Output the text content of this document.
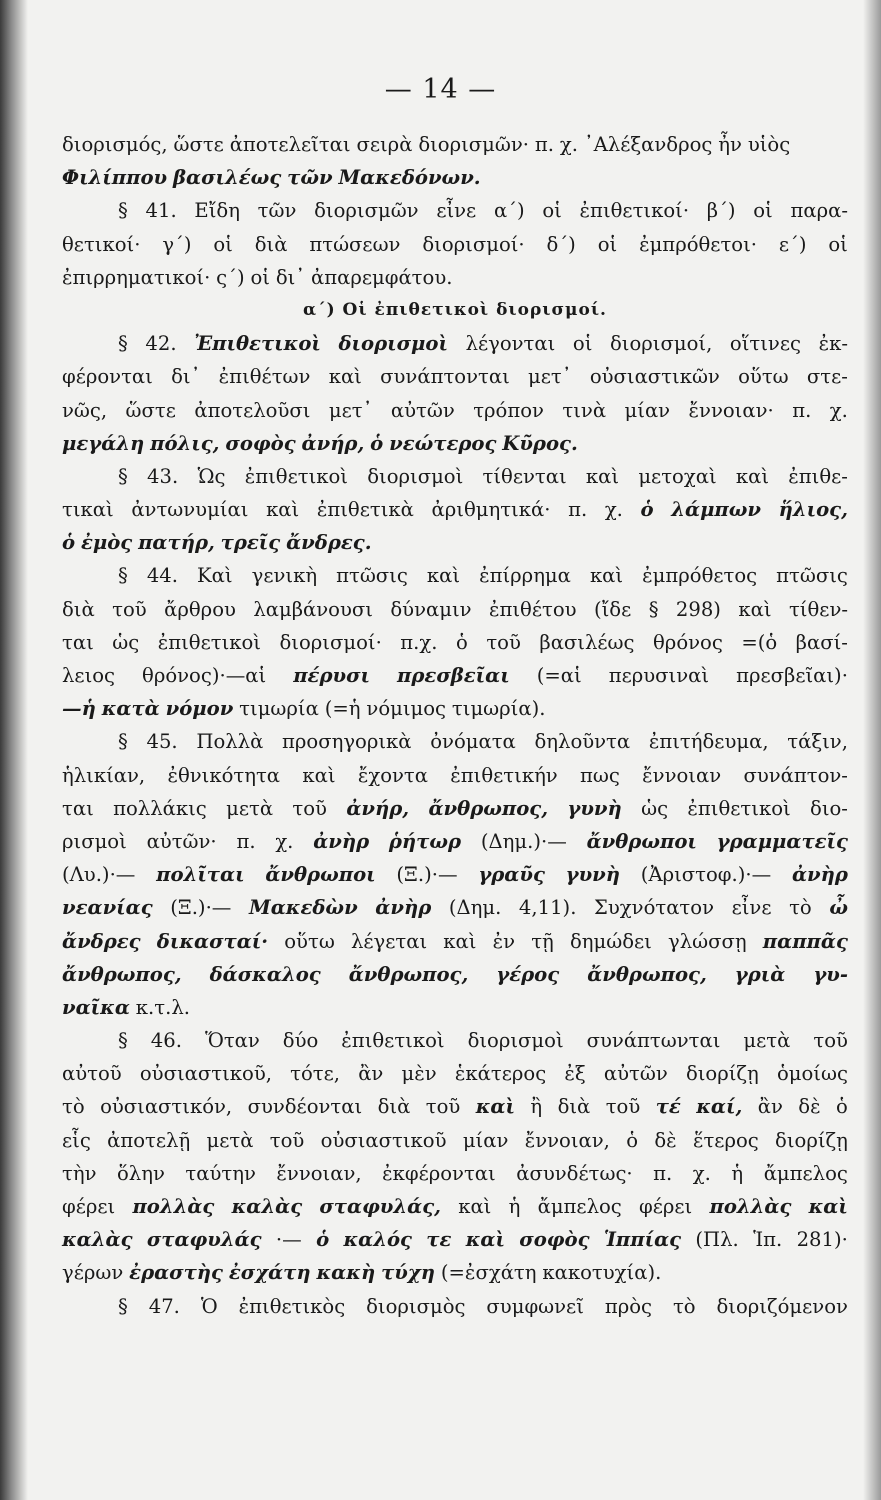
— 14 —
διορισμός, ὥστε ἀποτελεῖται σειρὰ διορισμῶν· π. χ. ᾿Αλέξανδρος ἦν υἱὸς
Φιλίππου βασιλέως τῶν Μακεδόνων.
§ 41. Εἴδη τῶν διορισμῶν εἶνε α΄) οἱ ἐπιθετικοί· β΄) οἱ παρα-
θετικοί· γ΄) οἱ διὰ πτώσεων διορισμοί· δ΄) οἱ ἐμπρόθετοι· ε΄) οἱ
ἐπιρρηματικοί· ς΄) οἱ δι᾿ ἀπαρεμφάτου.
α΄) Οἱ ἐπιθετικοὶ διορισμοί.
§ 42. Ἐπιθετικοὶ διορισμοὶ λέγονται οἱ διορισμοί, οἵτινες ἐκ-
φέρονται δι᾿ ἐπιθέτων καὶ συνάπτονται μετ᾿ οὐσιαστικῶν οὕτω στε-
νῶς, ὥστε ἀποτελοῦσι μετ᾿ αὐτῶν τρόπον τινὰ μίαν ἔννοιαν· π. χ.
μεγάλη πόλις, σοφὸς ἀνήρ, ὁ νεώτερος Κῦρος.
§ 43. Ὡς ἐπιθετικοὶ διορισμοὶ τίθενται καὶ μετοχαὶ καὶ ἐπιθε-
τικαὶ ἀντωνυμίαι καὶ ἐπιθετικὰ ἀριθμητικά· π. χ. ὁ λάμπων ἥλιος,
ὁ ἐμὸς πατήρ, τρεῖς ἄνδρες.
§ 44. Καὶ γενικὴ πτῶσις καὶ ἐπίρρημα καὶ ἐμπρόθετος πτῶσις
διὰ τοῦ ἄρθρου λαμβάνουσι δύναμιν ἐπιθέτου (ἴδε § 298) καὶ τίθεν-
ται ὡς ἐπιθετικοὶ διορισμοί· π.χ. ὁ τοῦ βασιλέως θρόνος =(ὁ βασί-
λειος θρόνος)·—αἱ πέρυσι πρεσβεῖαι (=αἱ περυσιναὶ πρεσβεῖαι)·
—ἡ κατὰ νόμον τιμωρία (=ἡ νόμιμος τιμωρία).
§ 45. Πολλὰ προσηγορικὰ ὀνόματα δηλοῦντα ἐπιτήδευμα, τάξιν,
ἡλικίαν, ἐθνικότητα καὶ ἔχοντα ἐπιθετικήν πως ἔννοιαν συνάπτον-
ται πολλάκις μετὰ τοῦ ἀνήρ, ἄνθρωπος, γυνὴ ὡς ἐπιθετικοὶ διο-
ρισμοὶ αὐτῶν· π. χ. ἀνὴρ ῥήτωρ (Δημ.)·— ἄνθρωποι γραμματεῖς
(Λυ.)·— πολῖται ἄνθρωποι (Ξ.)·— γραῦς γυνὴ (Ἀριστοφ.)·— ἀνὴρ
νεανίας (Ξ.)·— Μακεδὼν ἀνὴρ (Δημ. 4,11). Συχνότατον εἶνε τὸ ὦ
ἄνδρες δικασταί· οὕτω λέγεται καὶ ἐν τῇ δημώδει γλώσσῃ παππᾶς
ἄνθρωπος, δάσκαλος ἄνθρωπος, γέρος ἄνθρωπος, γριὰ γυ-
ναῖκα κ.τ.λ.
§ 46. Ὅταν δύο ἐπιθετικοὶ διορισμοὶ συνάπτωνται μετὰ τοῦ
αὐτοῦ οὐσιαστικοῦ, τότε, ἂν μὲν ἑκάτερος ἐξ αὐτῶν διορίζῃ ὁμοίως
τὸ οὐσιαστικόν, συνδέονται διὰ τοῦ καὶ ἢ διὰ τοῦ τέ καί, ἂν δὲ ὁ
εἷς ἀποτελῇ μετὰ τοῦ οὐσιαστικοῦ μίαν ἔννοιαν, ὁ δὲ ἕτερος διορίζῃ
τὴν ὅλην ταύτην ἔννοιαν, ἐκφέρονται ἀσυνδέτως· π. χ. ἡ ἄμπελος
φέρει πολλὰς καλὰς σταφυλάς, καὶ ἡ ἄμπελος φέρει πολλὰς καὶ
καλὰς σταφυλάς ·— ὁ καλός τε καὶ σοφὸς Ἱππίας (Πλ. Ἱπ. 281)·
γέρων ἐραστὴς ἐσχάτη κακὴ τύχη (=ἐσχάτη κακοτυχία).
§ 47. Ὁ ἐπιθετικὸς διορισμὸς συμφωνεῖ πρὸς τὸ διοριζόμενον
